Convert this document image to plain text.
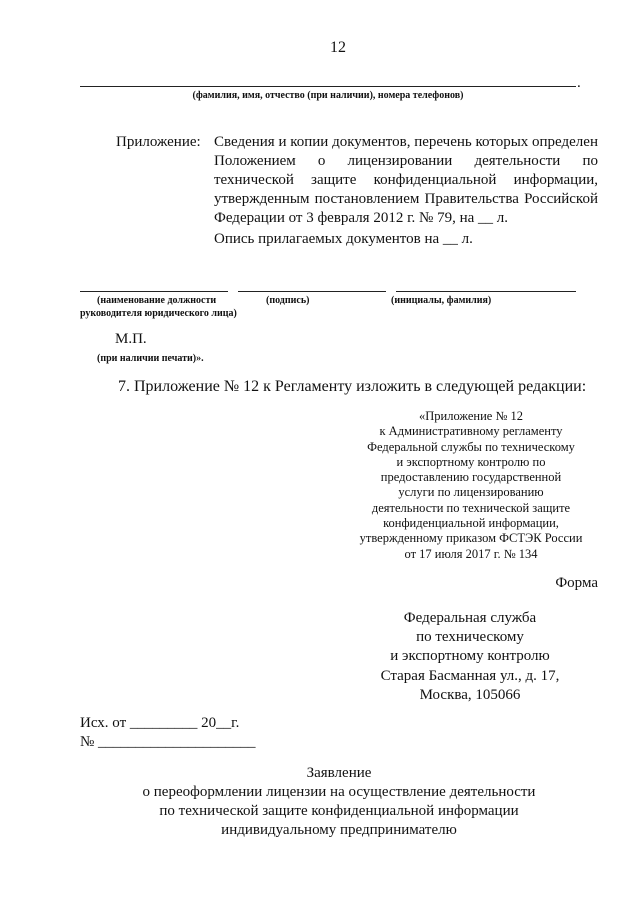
12
.
(фамилия, имя, отчество (при наличии), номера телефонов)
Приложение: Сведения и копии документов, перечень которых определен
Положением о лицензировании деятельности по
технической защите конфиденциальной информации,
утвержденным постановлением Правительства Российской
Федерации от 3 февраля 2012 г. № 79, на __ л.
Опись прилагаемых документов на __ л.
(наименование должности
руководителя юридического лица)
(подпись)	(инициалы, фамилия)
М.П.
(при наличии печати)».
7. Приложение № 12 к Регламенту изложить в следующей редакции:
«Приложение № 12
к Административному регламенту
Федеральной службы по техническому
и экспортному контролю по
предоставлению государственной
услуги по лицензированию
деятельности по технической защите
конфиденциальной информации,
утвержденному приказом ФСТЭК России
от 17 июля 2017 г. № 134
Форма
Федеральная служба
по техническому
и экспортному контролю
Старая Басманная ул., д. 17,
Москва, 105066
Исх. от _________ 20__г.
№ _____________________
Заявление
о переоформлении лицензии на осуществление деятельности
по технической защите конфиденциальной информации
индивидуальному предпринимателю
